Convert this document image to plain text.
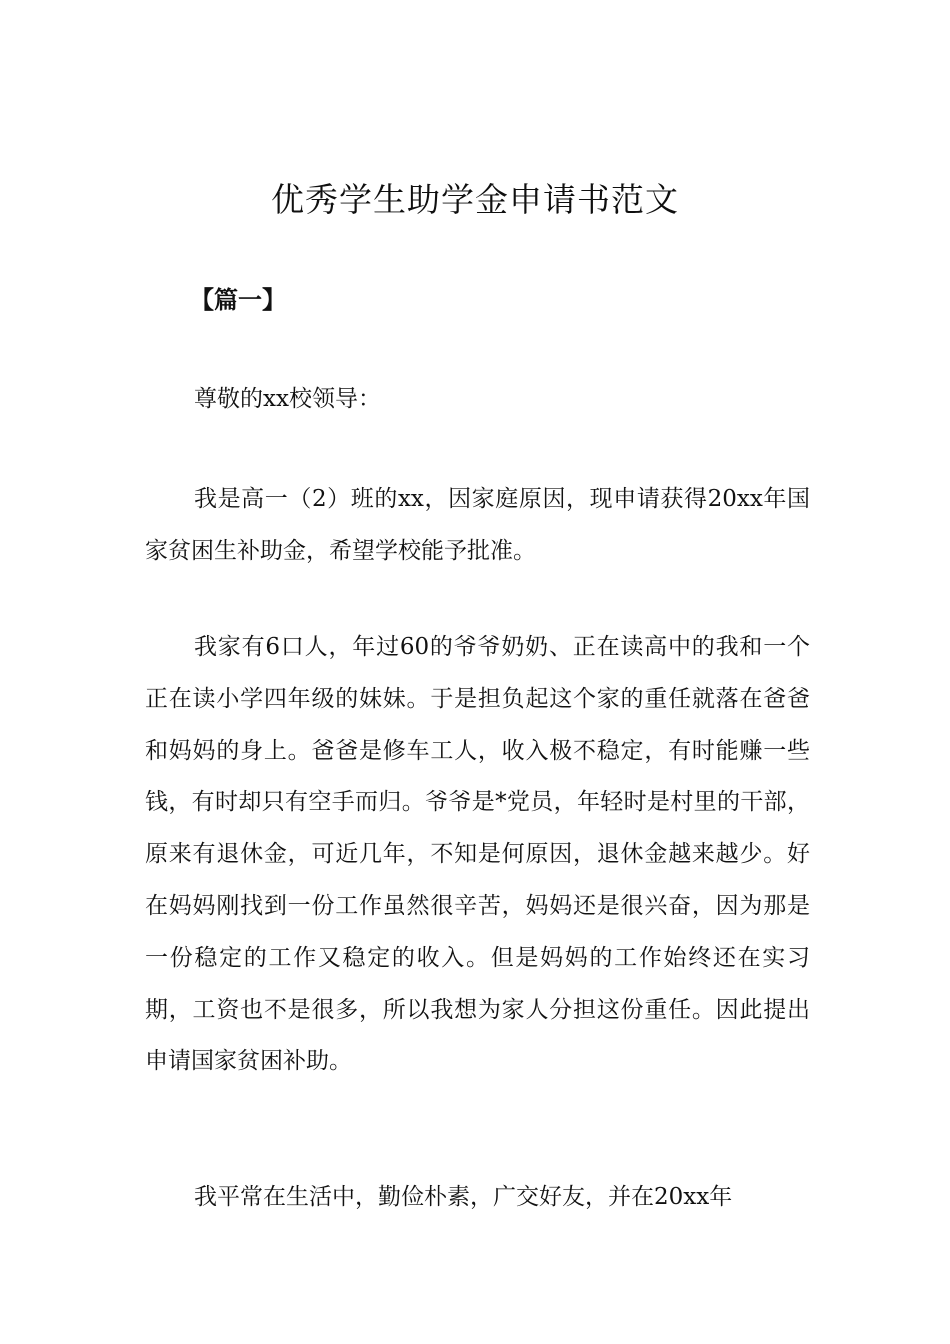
优秀学生助学金申请书范文

【篇一】

尊敬的xx校领导：

我是高一（2）班的xx，因家庭原因，现申请获得20xx年国家贫困生补助金，希望学校能予批准。

我家有6口人，年过60的爷爷奶奶、正在读高中的我和一个正在读小学四年级的妹妹。于是担负起这个家的重任就落在爸爸和妈妈的身上。爸爸是修车工人，收入极不稳定，有时能赚一些钱，有时却只有空手而归。爷爷是*党员，年轻时是村里的干部，原来有退休金，可近几年，不知是何原因，退休金越来越少。好在妈妈刚找到一份工作虽然很辛苦，妈妈还是很兴奋，因为那是一份稳定的工作又稳定的收入。但是妈妈的工作始终还在实习期，工资也不是很多，所以我想为家人分担这份重任。因此提出申请国家贫困补助。

我平常在生活中，勤俭朴素，广交好友，并在20xx年
